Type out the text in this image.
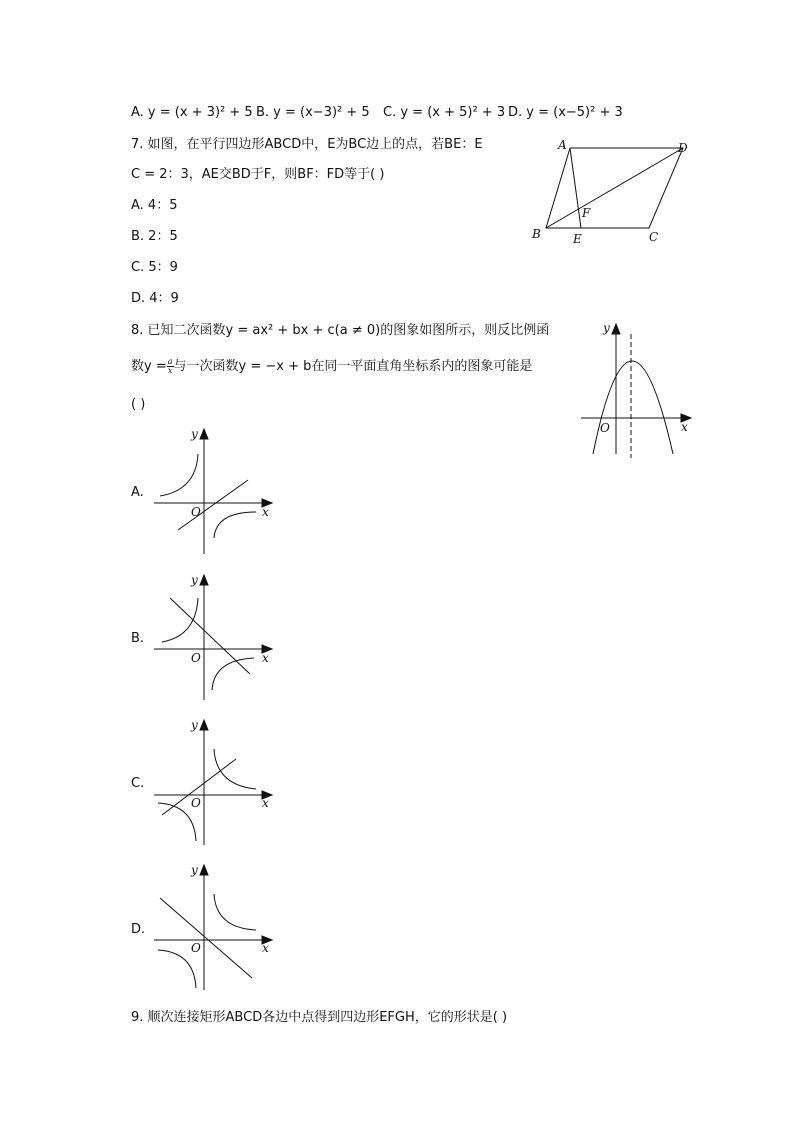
A. y = (x + 3)² + 5 B. y = (x−3)² + 5 C. y = (x + 5)² + 3 D. y = (x−5)² + 3
7. 如图，在平行四边形ABCD中，E为BC边上的点，若BE：E
C = 2：3，AE交BD于F，则BF：FD等于( )
A. 4：5
B. 2：5
C. 5：9
D. 4：9
A	D
B	C
E
F
8. 已知二次函数y = ax² + bx + c(a ≠ 0)的图象如图所示，则反比例函
数$y = \frac{a}{x}$ 与一次函数y = −x + b在同一平面直角坐标系内的图象可能是
( )
y
x
O
A.
y
x
O
B.
y
x
O
C.
y
x
O
D.
y
x
O
9. 顺次连接矩形ABCD各边中点得到四边形EFGH，它的形状是( )
